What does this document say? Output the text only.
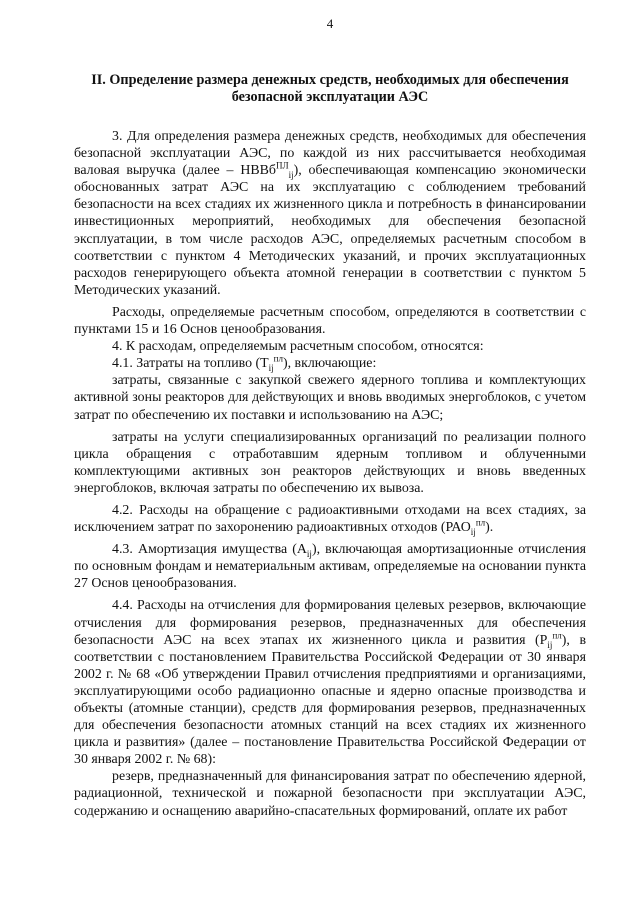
4
II. Определение размера денежных средств, необходимых для обеспечения
безопасной эксплуатации АЭС

3. Для определения размера денежных средств, необходимых для обеспечения безопасной эксплуатации АЭС, по каждой из них рассчитывается необходимая валовая выручка (далее – НВВб$^{ПЛ}_{ij}$), обеспечивающая компенсацию экономически обоснованных затрат АЭС на их эксплуатацию с соблюдением требований безопасности на всех стадиях их жизненного цикла и потребность в финансировании инвестиционных мероприятий, необходимых для обеспечения безопасной эксплуатации, в том числе расходов АЭС, определяемых расчетным способом в соответствии с пунктом 4 Методических указаний, и прочих эксплуатационных расходов генерирующего объекта атомной генерации в соответствии с пунктом 5 Методических указаний.

Расходы, определяемые расчетным способом, определяются в соответствии с пунктами 15 и 16 Основ ценообразования.

4. К расходам, определяемым расчетным способом, относятся:

4.1. Затраты на топливо $(Т_{ij}^{пл})$, включающие:

затраты, связанные с закупкой свежего ядерного топлива и комплектующих активной зоны реакторов для действующих и вновь вводимых энергоблоков, с учетом затрат по обеспечению их поставки и использованию на АЭС;

затраты на услуги специализированных организаций по реализации полного цикла обращения с отработавшим ядерным топливом и облученными комплектующими активных зон реакторов действующих и вновь введенных энергоблоков, включая затраты по обеспечению их вывоза.

4.2. Расходы на обращение с радиоактивными отходами на всех стадиях, за исключением затрат по захоронению радиоактивных отходов $(РАО_{ij}^{пл})$.

4.3. Амортизация имущества $(А_{ij})$, включающая амортизационные отчисления по основным фондам и нематериальным активам, определяемые на основании пункта 27 Основ ценообразования.

4.4. Расходы на отчисления для формирования целевых резервов, включающие отчисления для формирования резервов, предназначенных для обеспечения безопасности АЭС на всех этапах их жизненного цикла и развития $(Р_{ij}^{пл})$, в соответствии с постановлением Правительства Российской Федерации от 30 января 2002 г. № 68 «Об утверждении Правил отчисления предприятиями и организациями, эксплуатирующими особо радиационно опасные и ядерно опасные производства и объекты (атомные станции), средств для формирования резервов, предназначенных для обеспечения безопасности атомных станций на всех стадиях их жизненного цикла и развития» (далее – постановление Правительства Российской Федерации от 30 января 2002 г. № 68):

резерв, предназначенный для финансирования затрат по обеспечению ядерной, радиационной, технической и пожарной безопасности при эксплуатации АЭС, содержанию и оснащению аварийно-спасательных формирований, оплате их работ
